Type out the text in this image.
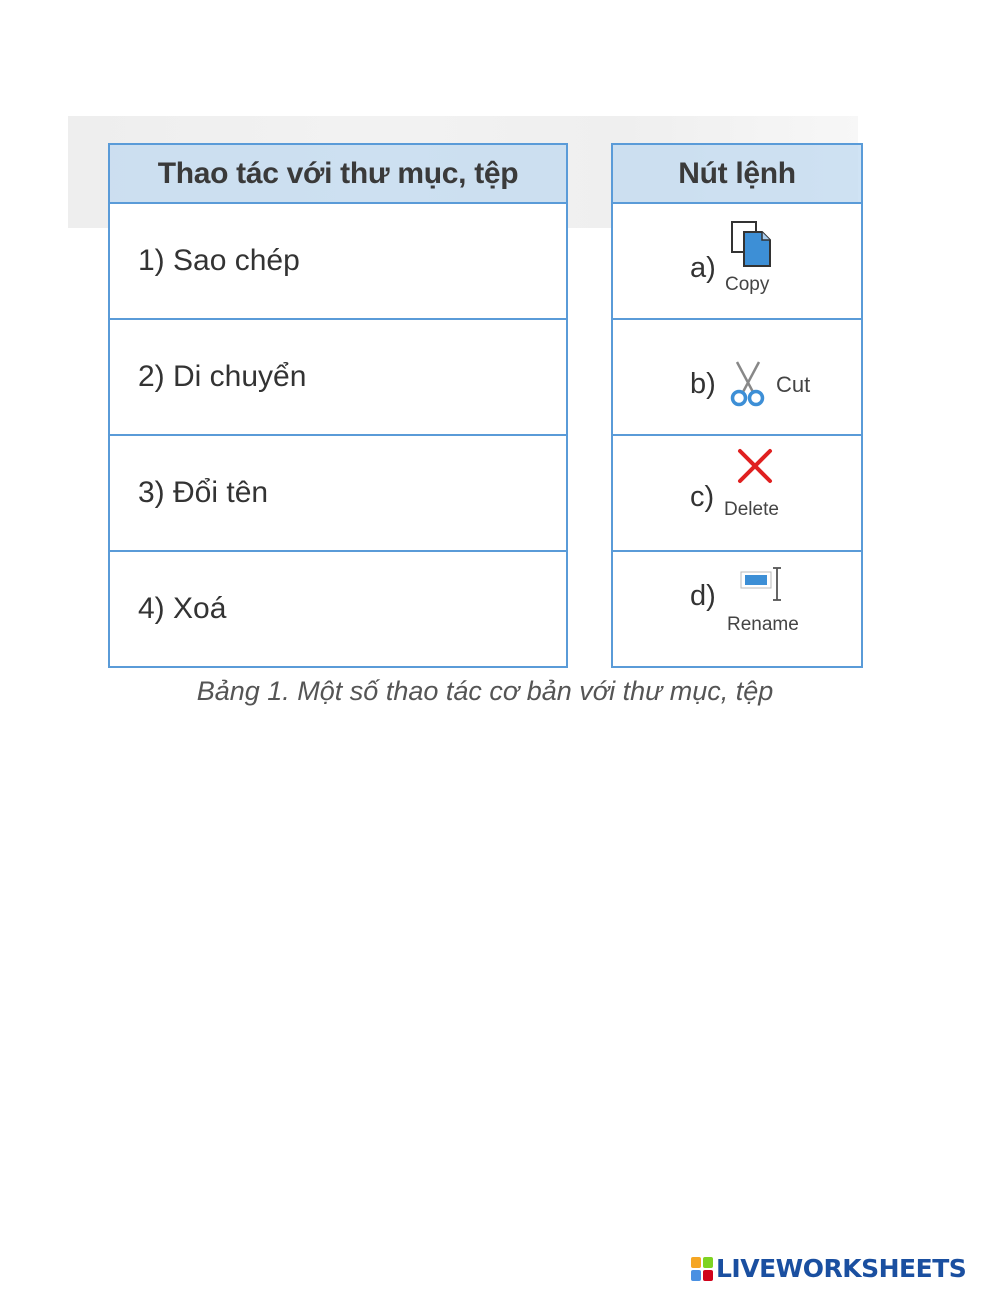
Thao tác với thư mục, tệp
1) Sao chép
2) Di chuyển
3) Đổi tên
4) Xoá
Nút lệnh
a)
Copy
b)	Cut
c) Delete
d)
Rename
Bảng 1. Một số thao tác cơ bản với thư mục, tệp
LIVEWORKSHEETS
